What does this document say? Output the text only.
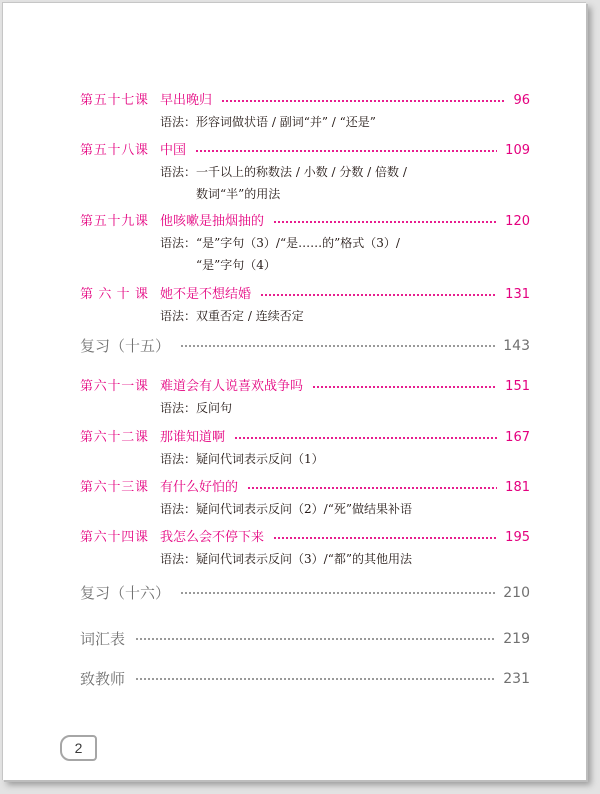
第五十七课 早出晚归	96
语法： 形容词做状语 / 副词“并” / “还是”
第五十八课 中国	109
语法： 一千以上的称数法 / 小数 / 分数 / 倍数 /
数词“半”的用法
第五十九课 他咳嗽是抽烟抽的	120
语法： “是”字句（3）/“是……的”格式（3）/
“是”字句（4）
第 六 十 课 她不是不想结婚	131
语法： 双重否定 / 连续否定
复习（十五）	143
第六十一课 难道会有人说喜欢战争吗	151
语法： 反问句
第六十二课 那谁知道啊	167
语法： 疑问代词表示反问（1）
第六十三课 有什么好怕的	181
语法： 疑问代词表示反问（2）/“死”做结果补语
第六十四课 我怎么会不停下来	195
语法： 疑问代词表示反问（3）/“都”的其他用法
复习（十六）	210
词汇表	219
致教师	231
2
